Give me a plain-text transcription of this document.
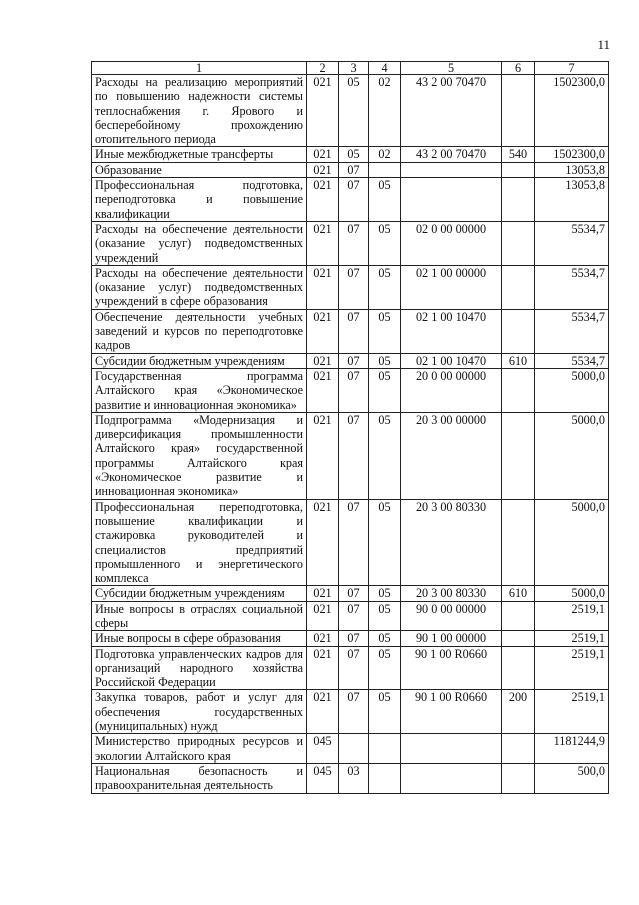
11
1	2	3	4	5	6	7
Расходы на реализацию мероприятий по повышению надежности системы теплоснабжения г. Ярового и бесперебойному прохождению отопительного периода	021	05	02	43 2 00 70470		1502300,0
Иные межбюджетные трансферты	021	05	02	43 2 00 70470	540	1502300,0
Образование	021	07				13053,8
Профессиональная подготовка, переподготовка и повышение квалификации	021	07	05			13053,8
Расходы на обеспечение деятельности (оказание услуг) подведомственных учреждений	021	07	05	02 0 00 00000		5534,7
Расходы на обеспечение деятельности (оказание услуг) подведомственных учреждений в сфере образования	021	07	05	02 1 00 00000		5534,7
Обеспечение деятельности учебных заведений и курсов по переподготовке кадров	021	07	05	02 1 00 10470		5534,7
Субсидии бюджетным учреждениям	021	07	05	02 1 00 10470	610	5534,7
Государственная программа Алтайского края «Экономическое развитие и инновационная экономика»	021	07	05	20 0 00 00000		5000,0
Подпрограмма «Модернизация и диверсификация промышленности Алтайского края» государственной программы Алтайского края «Экономическое развитие и инновационная экономика»	021	07	05	20 3 00 00000		5000,0
Профессиональная переподготовка, повышение квалификации и стажировка руководителей и специалистов предприятий промышленного и энергетического комплекса	021	07	05	20 3 00 80330		5000,0
Субсидии бюджетным учреждениям	021	07	05	20 3 00 80330	610	5000,0
Иные вопросы в отраслях социальной сферы	021	07	05	90 0 00 00000		2519,1
Иные вопросы в сфере образования	021	07	05	90 1 00 00000		2519,1
Подготовка управленческих кадров для организаций народного хозяйства Российской Федерации	021	07	05	90 1 00 R0660		2519,1
Закупка товаров, работ и услуг для обеспечения государственных (муниципальных) нужд	021	07	05	90 1 00 R0660	200	2519,1
Министерство природных ресурсов и экологии Алтайского края	045					1181244,9
Национальная безопасность и правоохранительная деятельность	045	03				500,0
